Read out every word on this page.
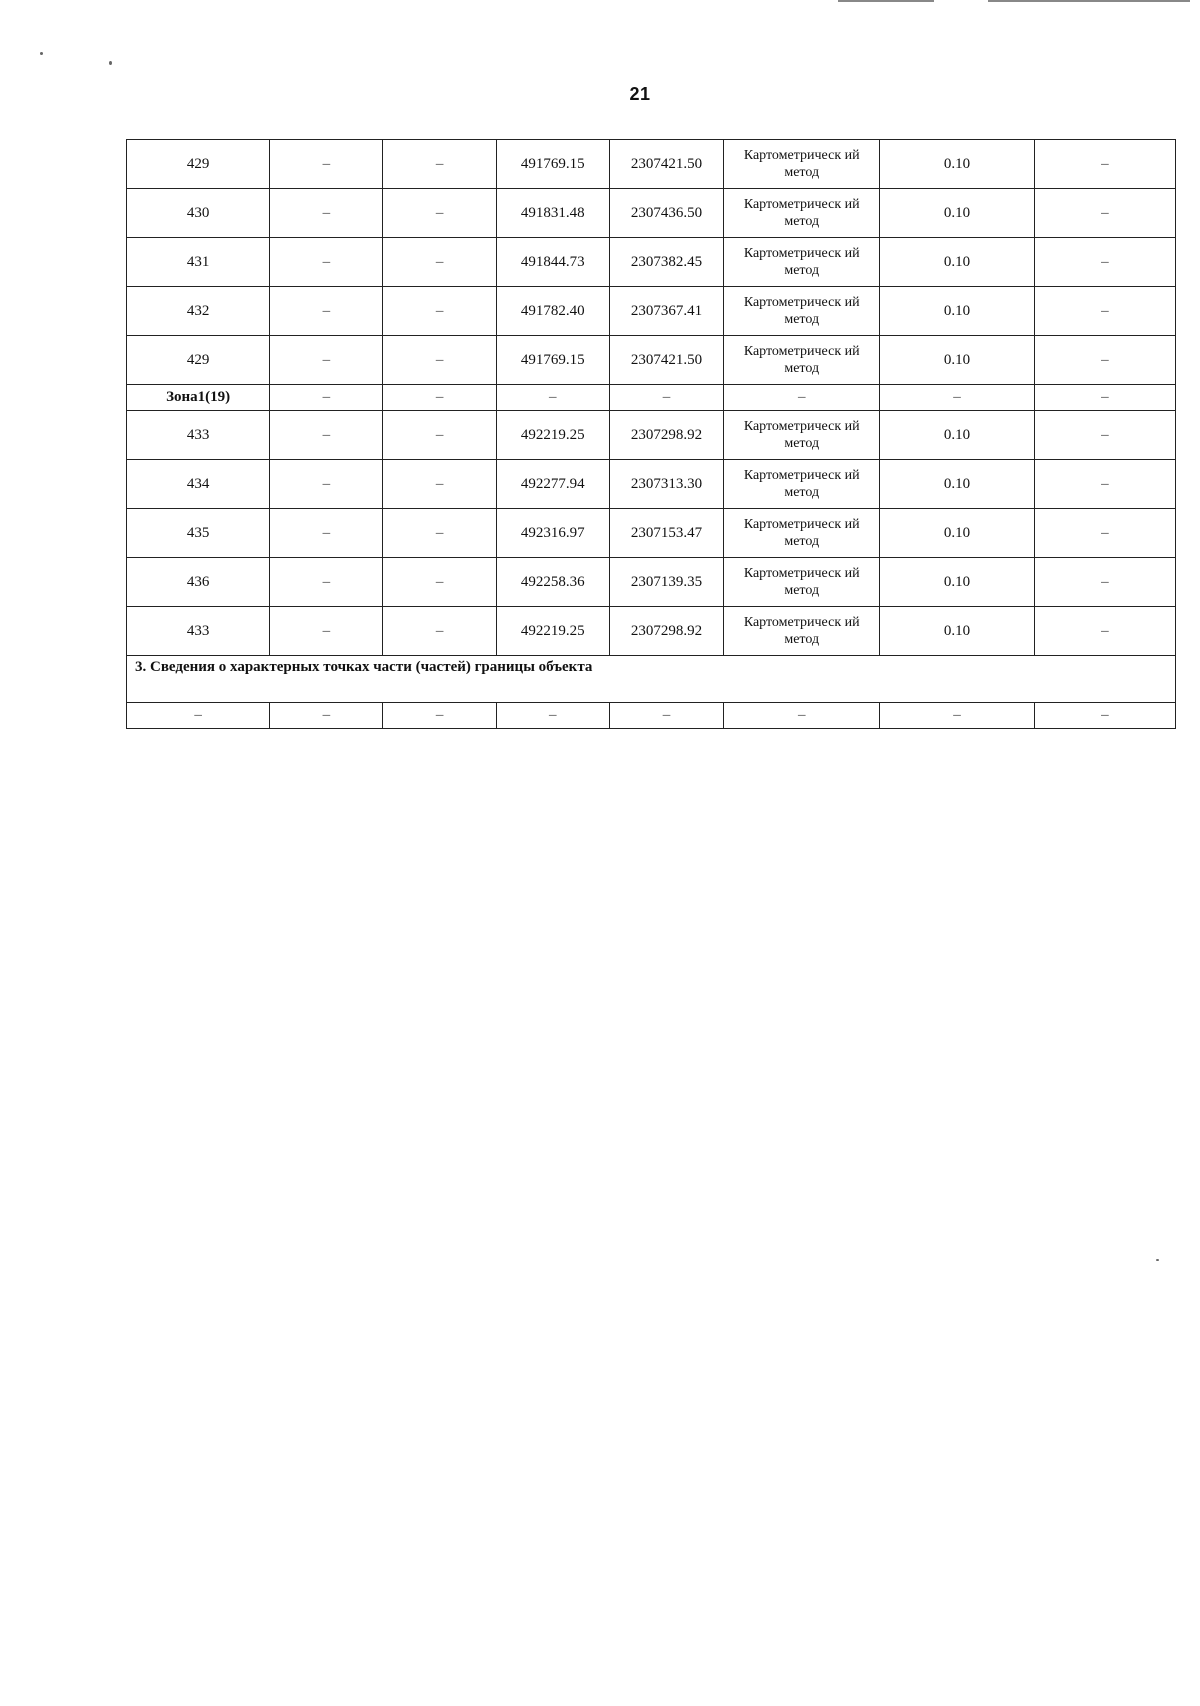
21
429	–	–	491769.15	2307421.50	Картометрическ ий метод	0.10	–
430	–	–	491831.48	2307436.50	Картометрическ ий метод	0.10	–
431	–	–	491844.73	2307382.45	Картометрическ ий метод	0.10	–
432	–	–	491782.40	2307367.41	Картометрическ ий метод	0.10	–
429	–	–	491769.15	2307421.50	Картометрическ ий метод	0.10	–
Зона1(19)	–	–	–	–	–	–	–
433	–	–	492219.25	2307298.92	Картометрическ ий метод	0.10	–
434	–	–	492277.94	2307313.30	Картометрическ ий метод	0.10	–
435	–	–	492316.97	2307153.47	Картометрическ ий метод	0.10	–
436	–	–	492258.36	2307139.35	Картометрическ ий метод	0.10	–
433	–	–	492219.25	2307298.92	Картометрическ ий метод	0.10	–
3. Сведения о характерных точках части (частей) границы объекта							
–	–	–	–	–	–	–	–
